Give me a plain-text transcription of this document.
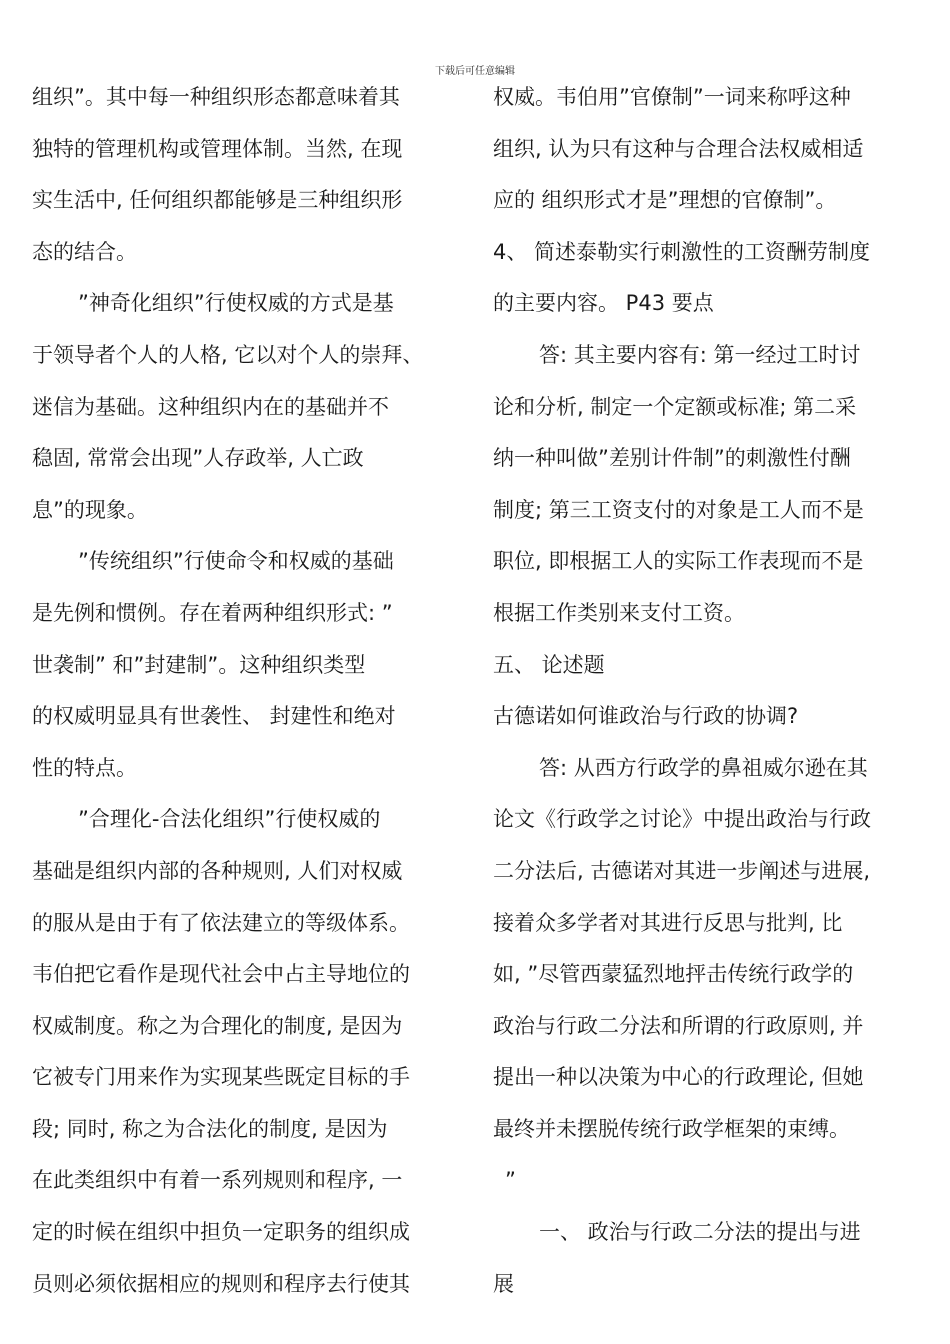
下载后可任意编辑
组织”。其中每一种组织形态都意味着其
独特的管理机构或管理体制。当然, 在现
实生活中, 任何组织都能够是三种组织形
态的结合。
”神奇化组织”行使权威的方式是基
于领导者个人的人格, 它以对个人的崇拜、
迷信为基础。这种组织内在的基础并不
稳固, 常常会出现”人存政举, 人亡政
息”的现象。
”传统组织”行使命令和权威的基础
是先例和惯例。存在着两种组织形式: ”
世袭制” 和”封建制”。这种组织类型
的权威明显具有世袭性、 封建性和绝对
性的特点。
”合理化-合法化组织”行使权威的
基础是组织内部的各种规则, 人们对权威
的服从是由于有了依法建立的等级体系。
韦伯把它看作是现代社会中占主导地位的
权威制度。称之为合理化的制度, 是因为
它被专门用来作为实现某些既定目标的手
段; 同时, 称之为合法化的制度, 是因为
在此类组织中有着一系列规则和程序, 一
定的时候在组织中担负一定职务的组织成
员则必须依据相应的规则和程序去行使其
权威。韦伯用”官僚制”一词来称呼这种
组织, 认为只有这种与合理合法权威相适
应的 组织形式才是”理想的官僚制”。
4、 简述泰勒实行刺激性的工资酬劳制度
的主要内容。 P43 要点
答: 其主要内容有: 第一经过工时讨
论和分析, 制定一个定额或标准; 第二采
纳一种叫做”差别计件制”的刺激性付酬
制度; 第三工资支付的对象是工人而不是
职位, 即根据工人的实际工作表现而不是
根据工作类别来支付工资。
五、 论述题
古德诺如何谁政治与行政的协调?
答: 从西方行政学的鼻祖威尔逊在其
论文《行政学之讨论》中提出政治与行政
二分法后, 古德诺对其进一步阐述与进展,
接着众多学者对其进行反思与批判, 比
如, ”尽管西蒙猛烈地抨击传统行政学的
政治与行政二分法和所谓的行政原则, 并
提出一种以决策为中心的行政理论, 但她
最终并未摆脱传统行政学框架的束缚。
”
一、 政治与行政二分法的提出与进
展
